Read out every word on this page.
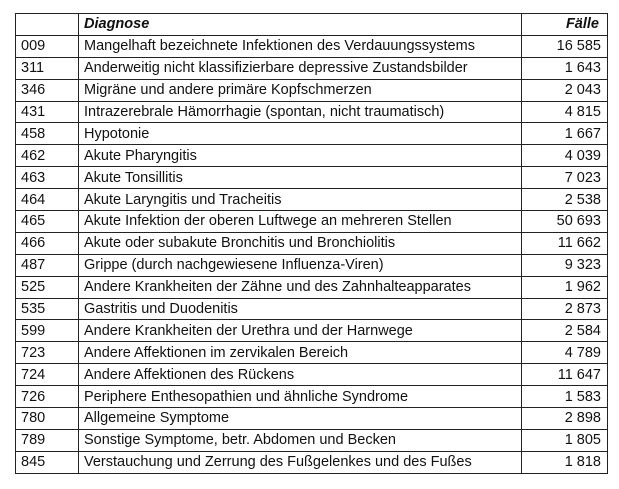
	Diagnose	Fälle
009	Mangelhaft bezeichnete Infektionen des Verdauungssystems	16 585
311	Anderweitig nicht klassifizierbare depressive Zustandsbilder	1 643
346	Migräne und andere primäre Kopfschmerzen	2 043
431	Intrazerebrale Hämorrhagie (spontan, nicht traumatisch)	4 815
458	Hypotonie	1 667
462	Akute Pharyngitis	4 039
463	Akute Tonsillitis	7 023
464	Akute Laryngitis und Tracheitis	2 538
465	Akute Infektion der oberen Luftwege an mehreren Stellen	50 693
466	Akute oder subakute Bronchitis und Bronchiolitis	11 662
487	Grippe (durch nachgewiesene Influenza-Viren)	9 323
525	Andere Krankheiten der Zähne und des Zahnhalteapparates	1 962
535	Gastritis und Duodenitis	2 873
599	Andere Krankheiten der Urethra und der Harnwege	2 584
723	Andere Affektionen im zervikalen Bereich	4 789
724	Andere Affektionen des Rückens	11 647
726	Periphere Enthesopathien und ähnliche Syndrome	1 583
780	Allgemeine Symptome	2 898
789	Sonstige Symptome, betr. Abdomen und Becken	1 805
845	Verstauchung und Zerrung des Fußgelenkes und des Fußes	1 818
